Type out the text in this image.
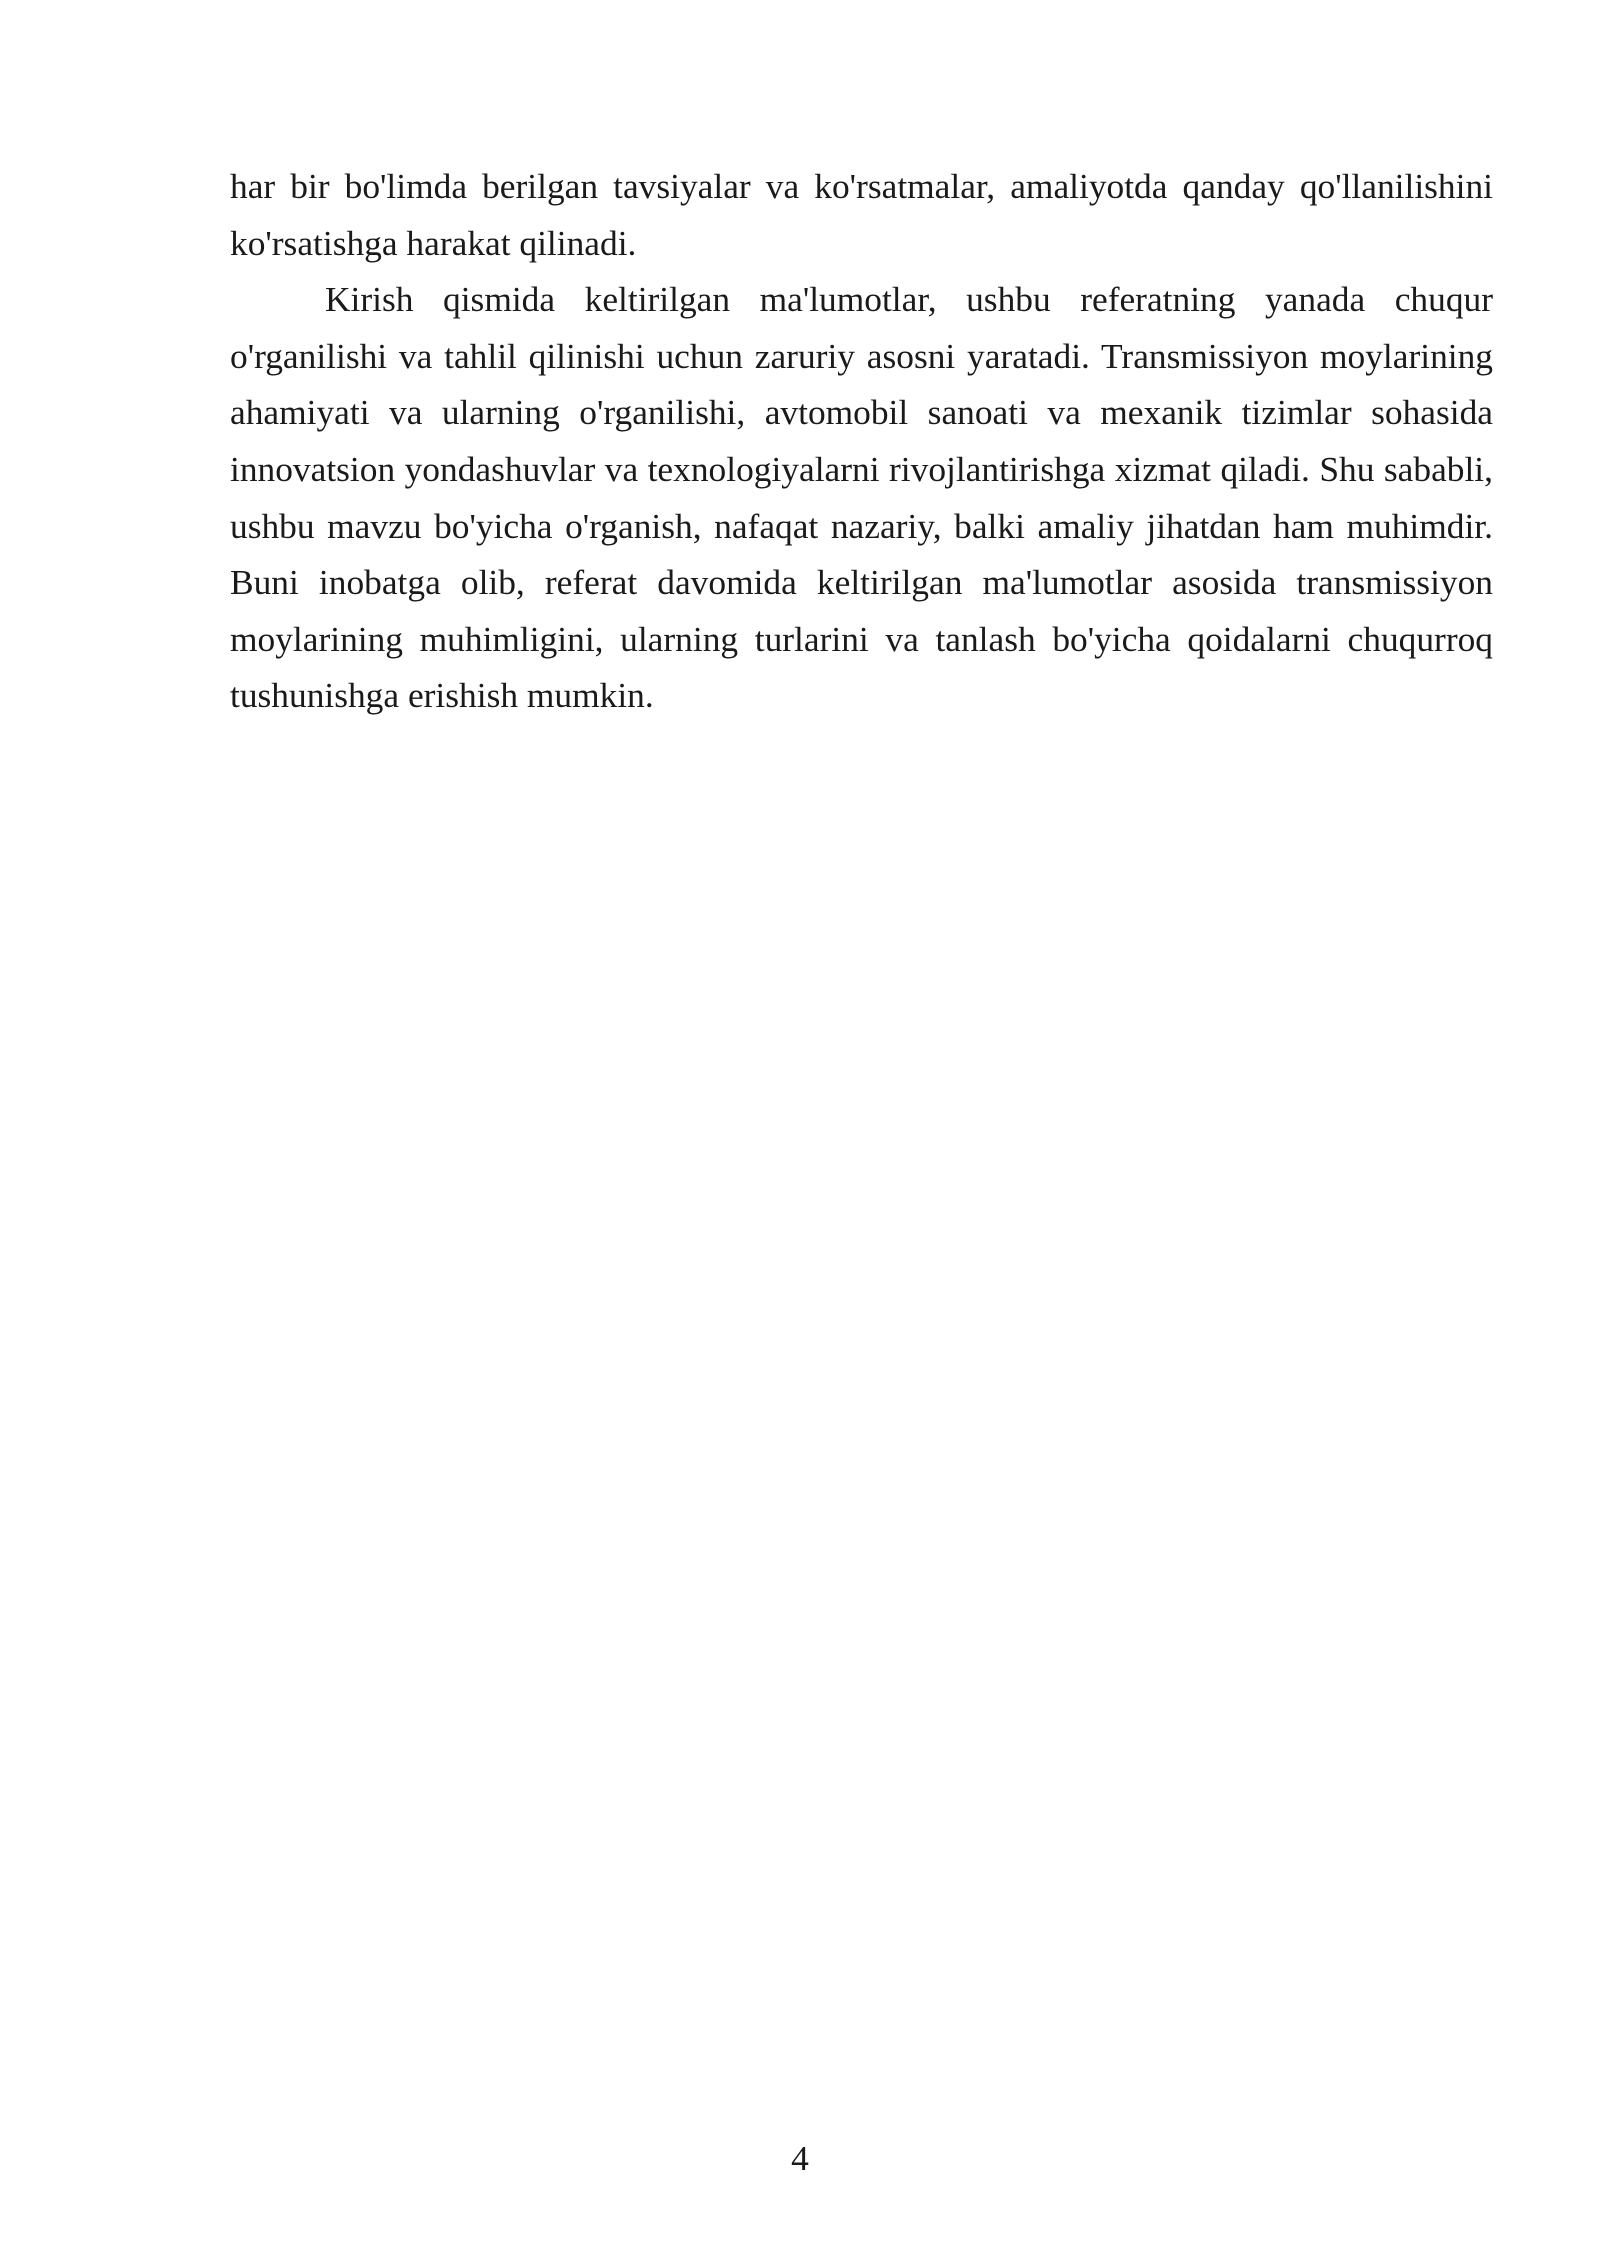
har bir bo'limda berilgan tavsiyalar va ko'rsatmalar, amaliyotda qanday qo'llanilishini ko'rsatishga harakat qilinadi.

Kirish qismida keltirilgan ma'lumotlar, ushbu referatning yanada chuqur o'rganilishi va tahlil qilinishi uchun zaruriy asosni yaratadi. Transmissiyon moylarining ahamiyati va ularning o'rganilishi, avtomobil sanoati va mexanik tizimlar sohasida innovatsion yondashuvlar va texnologiyalarni rivojlantirishga xizmat qiladi. Shu sababli, ushbu mavzu bo'yicha o'rganish, nafaqat nazariy, balki amaliy jihatdan ham muhimdir. Buni inobatga olib, referat davomida keltirilgan ma'lumotlar asosida transmissiyon moylarining muhimligini, ularning turlarini va tanlash bo'yicha qoidalarni chuqurroq tushunishga erishish mumkin.

4
